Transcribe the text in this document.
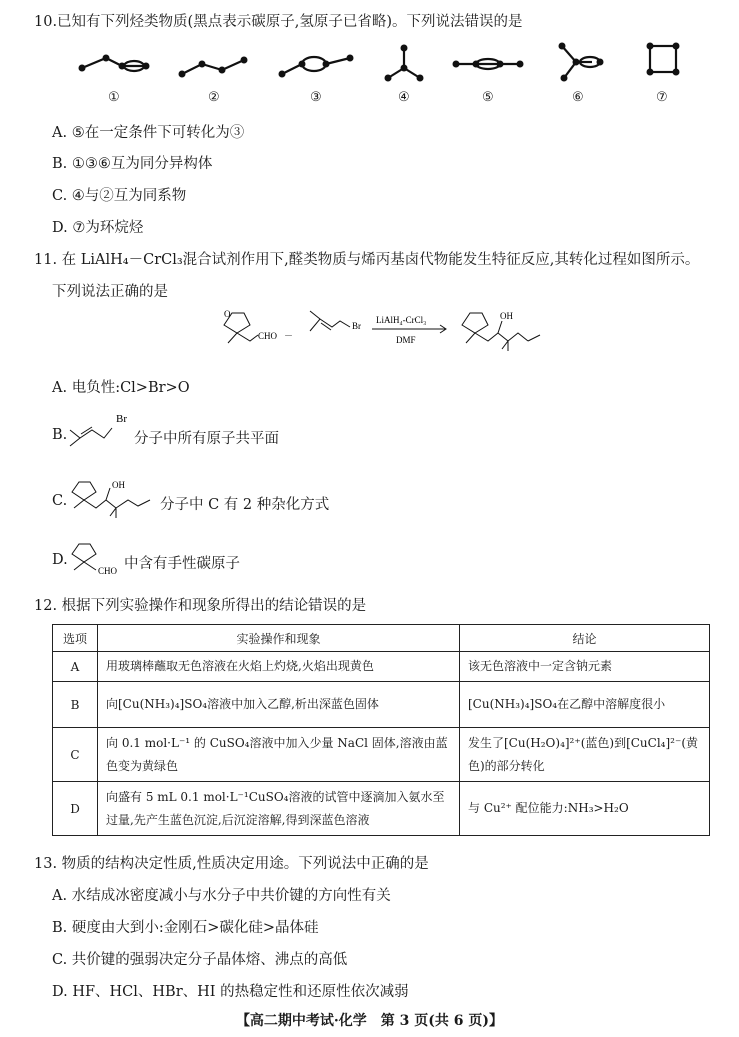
10.已知有下列烃类物质(黑点表示碳原子,氢原子已省略)。下列说法错误的是
①	②	③	④	⑤	⑥	⑦
A. ⑤在一定条件下可转化为③
B. ①③⑥互为同分异构体
C. ④与②互为同系物
D. ⑦为环烷烃
11. 在 LiAlH₄－CrCl₃混合试剂作用下,醛类物质与烯丙基卤代物能发生特征反应,其转化过程如图所示。
下列说法正确的是
O
CHO －
Br
LiAlH₄-CrCl₃
DMF
OH
A. 电负性:Cl>Br>O
B.
Br
分子中所有原子共平面
C.
OH
分子中 C 有 2 种杂化方式
D.
CHO 中含有手性碳原子
12. 根据下列实验操作和现象所得出的结论错误的是
选项	实验操作和现象	结论
A	用玻璃棒蘸取无色溶液在火焰上灼烧,火焰出现黄色	该无色溶液中一定含钠元素
B	向[Cu(NH₃)₄]SO₄溶液中加入乙醇,析出深蓝色固体	[Cu(NH₃)₄]SO₄在乙醇中溶解度很小
C	向 0.1 mol·L⁻¹ 的 CuSO₄溶液中加入少量 NaCl 固体,溶液由蓝色变为黄绿色	发生了[Cu(H₂O)₄]²⁺(蓝色)到[CuCl₄]²⁻(黄色)的部分转化
D	向盛有 5 mL 0.1 mol·L⁻¹CuSO₄溶液的试管中逐滴加入氨水至过量,先产生蓝色沉淀,后沉淀溶解,得到深蓝色溶液	与 Cu²⁺ 配位能力:NH₃>H₂O
13. 物质的结构决定性质,性质决定用途。下列说法中正确的是
A. 水结成冰密度减小与水分子中共价键的方向性有关
B. 硬度由大到小:金刚石>碳化硅>晶体硅
C. 共价键的强弱决定分子晶体熔、沸点的高低
D. HF、HCl、HBr、HI 的热稳定性和还原性依次减弱
【高二期中考试·化学　第 3 页(共 6 页)】
